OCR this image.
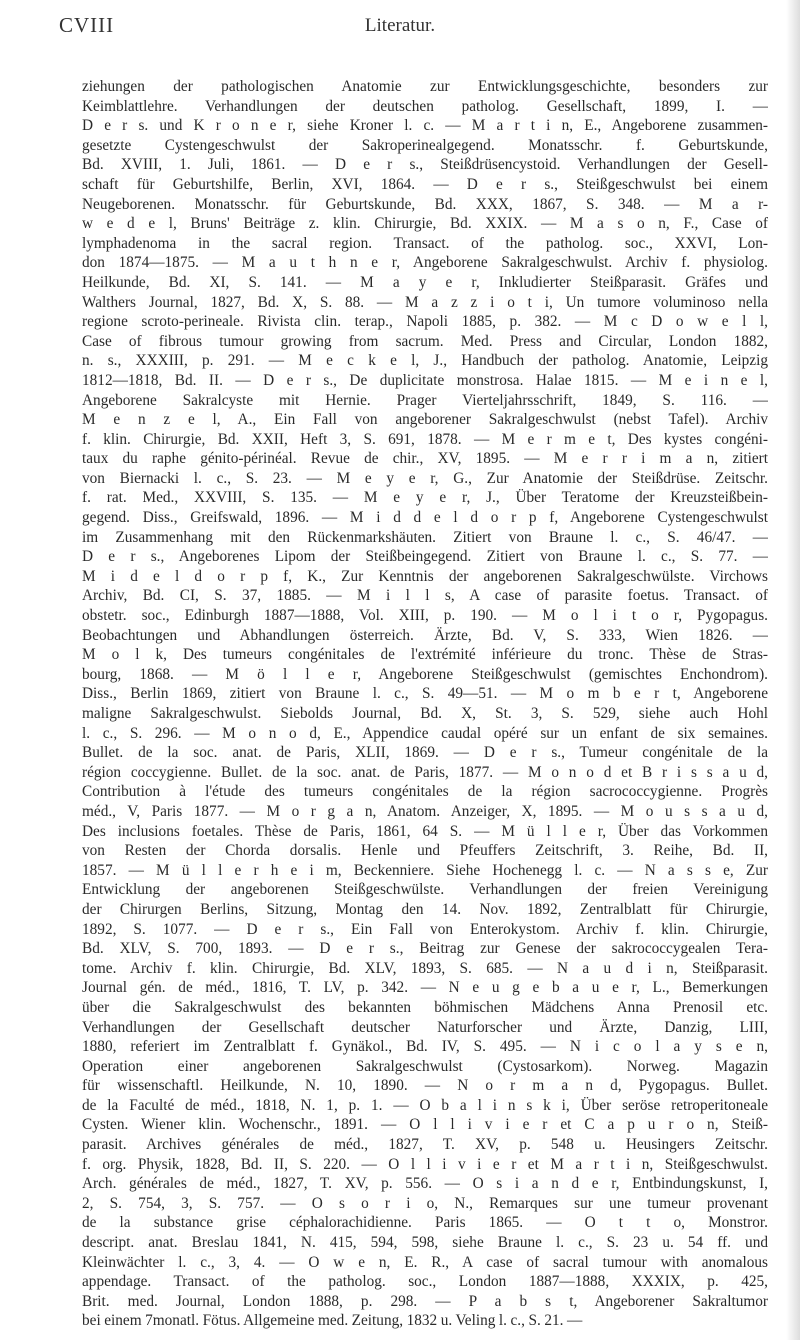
CVIII	Literatur.
ziehungen der pathologischen Anatomie zur Entwicklungsgeschichte, besonders zur
Keimblattlehre. Verhandlungen der deutschen patholog. Gesellschaft, 1899, I. —
D e r s. und K r o n e r, siehe Kroner l. c. — M a r t i n, E., Angeborene zusammen-
gesetzte Cystengeschwulst der Sakroperinealgegend. Monatsschr. f. Geburtskunde,
Bd. XVIII, 1. Juli, 1861. — D e r s., Steißdrüsencystoid. Verhandlungen der Gesell-
schaft für Geburtshilfe, Berlin, XVI, 1864. — D e r s., Steißgeschwulst bei einem
Neugeborenen. Monatsschr. für Geburtskunde, Bd. XXX, 1867, S. 348. — M a r-
w e d e l, Bruns' Beiträge z. klin. Chirurgie, Bd. XXIX. — M a s o n, F., Case of
lymphadenoma in the sacral region. Transact. of the patholog. soc., XXVI, Lon-
don 1874—1875. — M a u t h n e r, Angeborene Sakralgeschwulst. Archiv f. physiolog.
Heilkunde, Bd. XI, S. 141. — M a y e r, Inkludierter Steißparasit. Gräfes und
Walthers Journal, 1827, Bd. X, S. 88. — M a z z i o t i, Un tumore voluminoso nella
regione scroto-perineale. Rivista clin. terap., Napoli 1885, p. 382. — M c D o w e l l,
Case of fibrous tumour growing from sacrum. Med. Press and Circular, London 1882,
n. s., XXXIII, p. 291. — M e c k e l, J., Handbuch der patholog. Anatomie, Leipzig
1812—1818, Bd. II. — D e r s., De duplicitate monstrosa. Halae 1815. — M e i n e l,
Angeborene Sakralcyste mit Hernie. Prager Vierteljahrsschrift, 1849, S. 116. —
M e n z e l, A., Ein Fall von angeborener Sakralgeschwulst (nebst Tafel). Archiv
f. klin. Chirurgie, Bd. XXII, Heft 3, S. 691, 1878. — M e r m e t, Des kystes congéni-
taux du raphe génito-périnéal. Revue de chir., XV, 1895. — M e r r i m a n, zitiert
von Biernacki l. c., S. 23. — M e y e r, G., Zur Anatomie der Steißdrüse. Zeitschr.
f. rat. Med., XXVIII, S. 135. — M e y e r, J., Über Teratome der Kreuzsteißbein-
gegend. Diss., Greifswald, 1896. — M i d d e l d o r p f, Angeborene Cystengeschwulst
im Zusammenhang mit den Rückenmarkshäuten. Zitiert von Braune l. c., S. 46/47. —
D e r s., Angeborenes Lipom der Steißbeingegend. Zitiert von Braune l. c., S. 77. —
M i d e l d o r p f, K., Zur Kenntnis der angeborenen Sakralgeschwülste. Virchows
Archiv, Bd. CI, S. 37, 1885. — M i l l s, A case of parasite foetus. Transact. of
obstetr. soc., Edinburgh 1887—1888, Vol. XIII, p. 190. — M o l i t o r, Pygopagus.
Beobachtungen und Abhandlungen österreich. Ärzte, Bd. V, S. 333, Wien 1826. —
M o l k, Des tumeurs congénitales de l'extrémité inférieure du tronc. Thèse de Stras-
bourg, 1868. — M ö l l e r, Angeborene Steißgeschwulst (gemischtes Enchondrom).
Diss., Berlin 1869, zitiert von Braune l. c., S. 49—51. — M o m b e r t, Angeborene
maligne Sakralgeschwulst. Siebolds Journal, Bd. X, St. 3, S. 529, siehe auch Hohl
l. c., S. 296. — M o n o d, E., Appendice caudal opéré sur un enfant de six semaines.
Bullet. de la soc. anat. de Paris, XLII, 1869. — D e r s., Tumeur congénitale de la
région coccygienne. Bullet. de la soc. anat. de Paris, 1877. — M o n o d et B r i s s a u d,
Contribution à l'étude des tumeurs congénitales de la région sacrococcygienne. Progrès
méd., V, Paris 1877. — M o r g a n, Anatom. Anzeiger, X, 1895. — M o u s s a u d,
Des inclusions foetales. Thèse de Paris, 1861, 64 S. — M ü l l e r, Über das Vorkommen
von Resten der Chorda dorsalis. Henle und Pfeuffers Zeitschrift, 3. Reihe, Bd. II,
1857. — M ü l l e r h e i m, Beckenniere. Siehe Hochenegg l. c. — N a s s e, Zur
Entwicklung der angeborenen Steißgeschwülste. Verhandlungen der freien Vereinigung
der Chirurgen Berlins, Sitzung, Montag den 14. Nov. 1892, Zentralblatt für Chirurgie,
1892, S. 1077. — D e r s., Ein Fall von Enterokystom. Archiv f. klin. Chirurgie,
Bd. XLV, S. 700, 1893. — D e r s., Beitrag zur Genese der sakrococcygealen Tera-
tome. Archiv f. klin. Chirurgie, Bd. XLV, 1893, S. 685. — N a u d i n, Steißparasit.
Journal gén. de méd., 1816, T. LV, p. 342. — N e u g e b a u e r, L., Bemerkungen
über die Sakralgeschwulst des bekannten böhmischen Mädchens Anna Prenosil etc.
Verhandlungen der Gesellschaft deutscher Naturforscher und Ärzte, Danzig, LIII,
1880, referiert im Zentralblatt f. Gynäkol., Bd. IV, S. 495. — N i c o l a y s e n,
Operation einer angeborenen Sakralgeschwulst (Cystosarkom). Norweg. Magazin
für wissenschaftl. Heilkunde, N. 10, 1890. — N o r m a n d, Pygopagus. Bullet.
de la Faculté de méd., 1818, N. 1, p. 1. — O b a l i n s k i, Über seröse retroperitoneale
Cysten. Wiener klin. Wochenschr., 1891. — O l l i v i e r et C a p u r o n, Steiß-
parasit. Archives générales de méd., 1827, T. XV, p. 548 u. Heusingers Zeitschr.
f. org. Physik, 1828, Bd. II, S. 220. — O l l i v i e r et M a r t i n, Steißgeschwulst.
Arch. générales de méd., 1827, T. XV, p. 556. — O s i a n d e r, Entbindungskunst, I,
2, S. 754, 3, S. 757. — O s o r i o, N., Remarques sur une tumeur provenant
de la substance grise céphalorachidienne. Paris 1865. — O t t o, Monstror.
descript. anat. Breslau 1841, N. 415, 594, 598, siehe Braune l. c., S. 23 u. 54 ff. und
Kleinwächter l. c., 3, 4. — O w e n, E. R., A case of sacral tumour with anomalous
appendage. Transact. of the patholog. soc., London 1887—1888, XXXIX, p. 425,
Brit. med. Journal, London 1888, p. 298. — P a b s t, Angeborener Sakraltumor
bei einem 7monatl. Fötus. Allgemeine med. Zeitung, 1832 u. Veling l. c., S. 21. —
